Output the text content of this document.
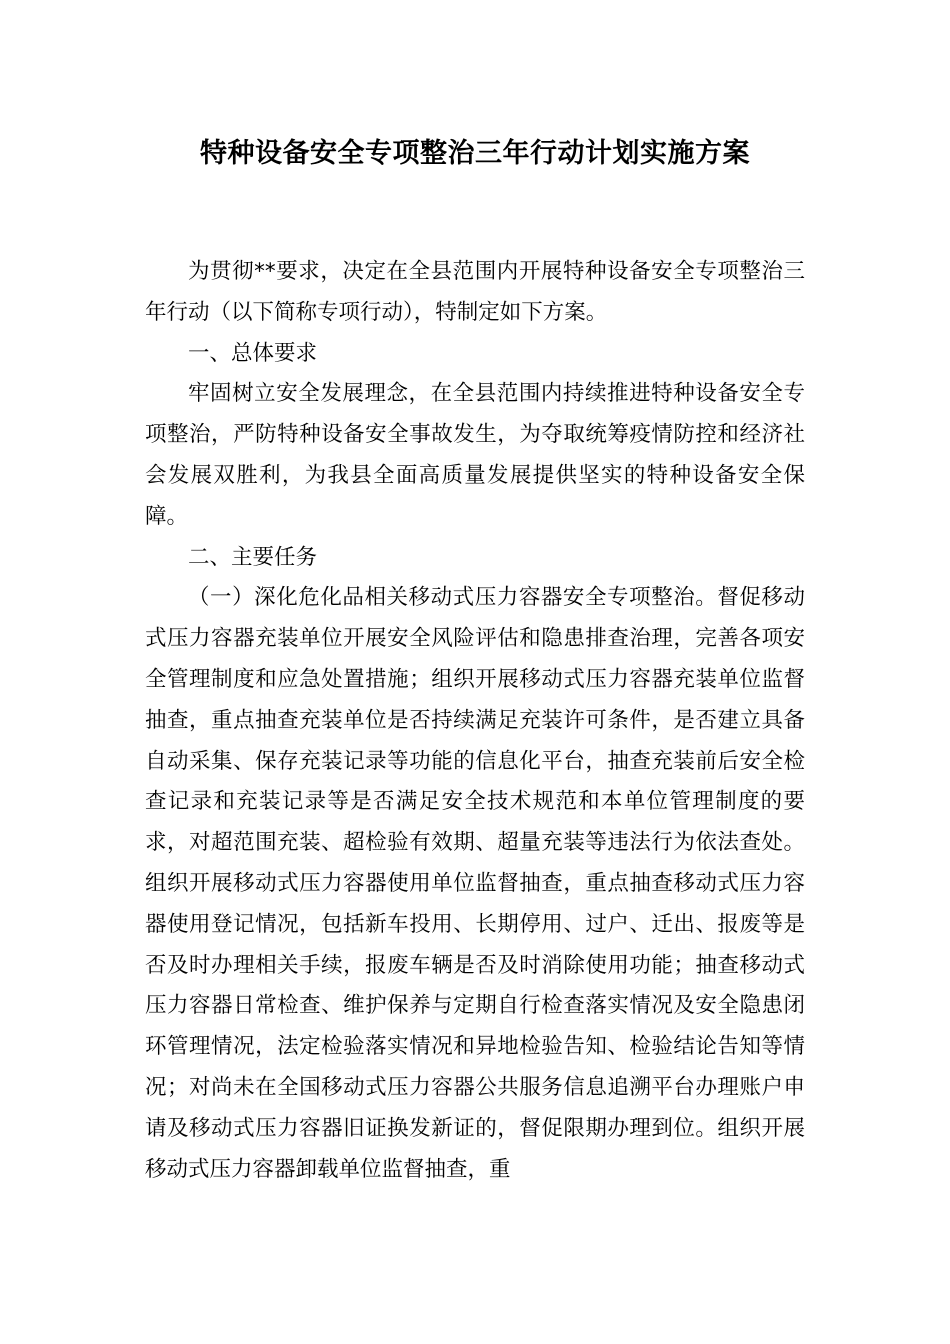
特种设备安全专项整治三年行动计划实施方案

为贯彻**要求，决定在全县范围内开展特种设备安全专项整治三年行动（以下简称专项行动），特制定如下方案。

一、总体要求

牢固树立安全发展理念，在全县范围内持续推进特种设备安全专项整治，严防特种设备安全事故发生，为夺取统筹疫情防控和经济社会发展双胜利，为我县全面高质量发展提供坚实的特种设备安全保障。

二、主要任务

（一）深化危化品相关移动式压力容器安全专项整治。督促移动式压力容器充装单位开展安全风险评估和隐患排查治理，完善各项安全管理制度和应急处置措施；组织开展移动式压力容器充装单位监督抽查，重点抽查充装单位是否持续满足充装许可条件，是否建立具备自动采集、保存充装记录等功能的信息化平台，抽查充装前后安全检查记录和充装记录等是否满足安全技术规范和本单位管理制度的要求，对超范围充装、超检验有效期、超量充装等违法行为依法查处。组织开展移动式压力容器使用单位监督抽查，重点抽查移动式压力容器使用登记情况，包括新车投用、长期停用、过户、迁出、报废等是否及时办理相关手续，报废车辆是否及时消除使用功能；抽查移动式压力容器日常检查、维护保养与定期自行检查落实情况及安全隐患闭环管理情况，法定检验落实情况和异地检验告知、检验结论告知等情况；对尚未在全国移动式压力容器公共服务信息追溯平台办理账户申请及移动式压力容器旧证换发新证的，督促限期办理到位。组织开展移动式压力容器卸载单位监督抽查，重
